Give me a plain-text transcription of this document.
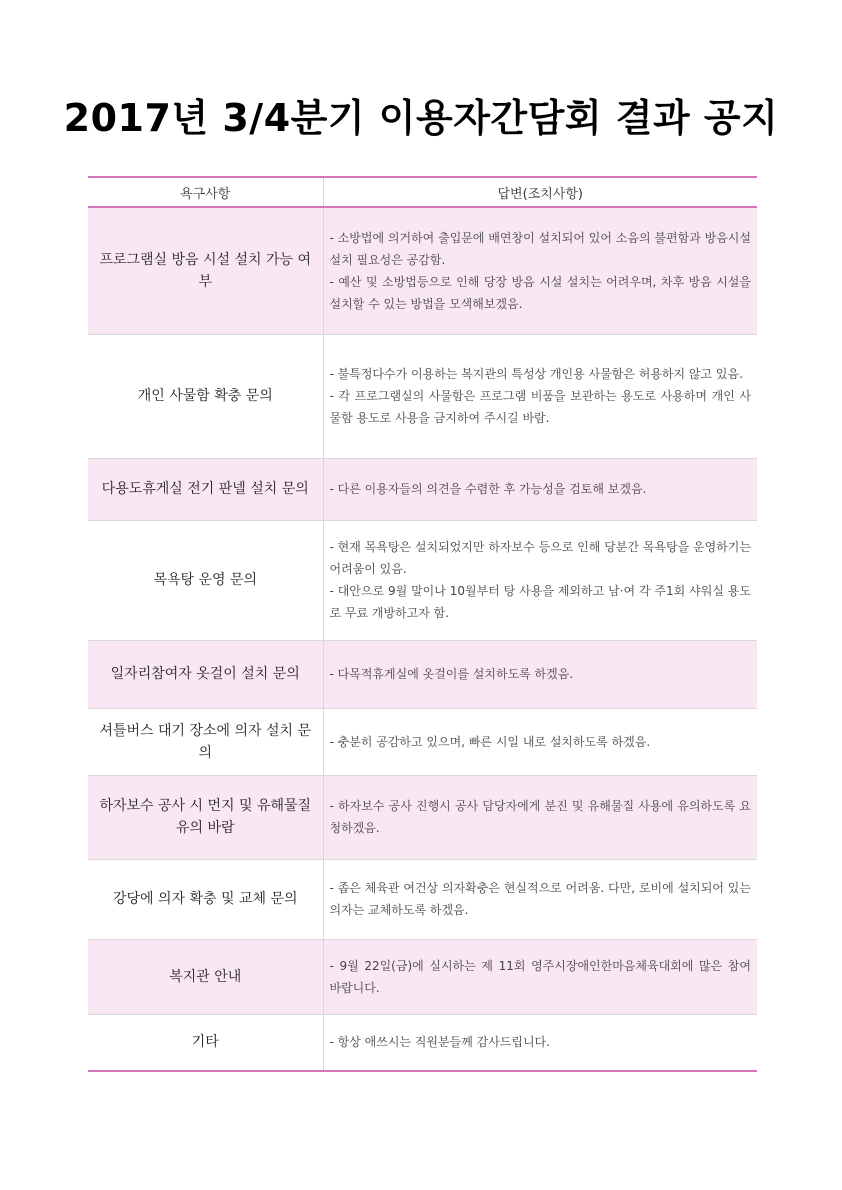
2017년 3/4분기 이용자간담회 결과 공지
욕구사항	답변(조치사항)
프로그램실 방음 시설 설치 가능 여부	- 소방법에 의거하여 출입문에 배연창이 설치되어 있어 소음의 불편함과 방음시설 설치 필요성은 공감함.
- 예산 및 소방법등으로 인해 당장 방음 시설 설치는 어려우며, 차후 방음 시설을 설치할 수 있는 방법을 모색해보겠음.

개인 사물함 확충 문의	- 불특정다수가 이용하는 복지관의 특성상 개인용 사물함은 허용하지 않고 있음.
- 각 프로그램실의 사물함은 프로그램 비품을 보관하는 용도로 사용하며 개인 사물함 용도로 사용을 금지하여 주시길 바람.

다용도휴게실 전기 판넬 설치 문의	- 다른 이용자들의 의견을 수렴한 후 가능성을 검토해 보겠음.

목욕탕 운영 문의	- 현재 목욕탕은 설치되었지만 하자보수 등으로 인해 당분간 목욕탕을 운영하기는 어려움이 있음.
- 대안으로 9월 말이나 10월부터 탕 사용을 제외하고 남·여 각 주1회 샤워실 용도로 무료 개방하고자 함.

일자리참여자 옷걸이 설치 문의	- 다목적휴게실에 옷걸이를 설치하도록 하겠음.

셔틀버스 대기 장소에 의자 설치 문의	- 충분히 공감하고 있으며, 빠른 시일 내로 설치하도록 하겠음.

하자보수 공사 시 먼지 및 유해물질 유의 바람	- 하자보수 공사 진행시 공사 담당자에게 분진 및 유해물질 사용에 유의하도록 요청하겠음.

강당에 의자 확충 및 교체 문의	- 좁은 체육관 여건상 의자확충은 현실적으로 어려움. 다만, 로비에 설치되어 있는 의자는 교체하도록 하겠음.

복지관 안내	- 9월 22일(금)에 실시하는 제 11회 영주시장애인한마음체육대회에 많은 참여 바랍니다.

기타	- 항상 애쓰시는 직원분들께 감사드립니다.
